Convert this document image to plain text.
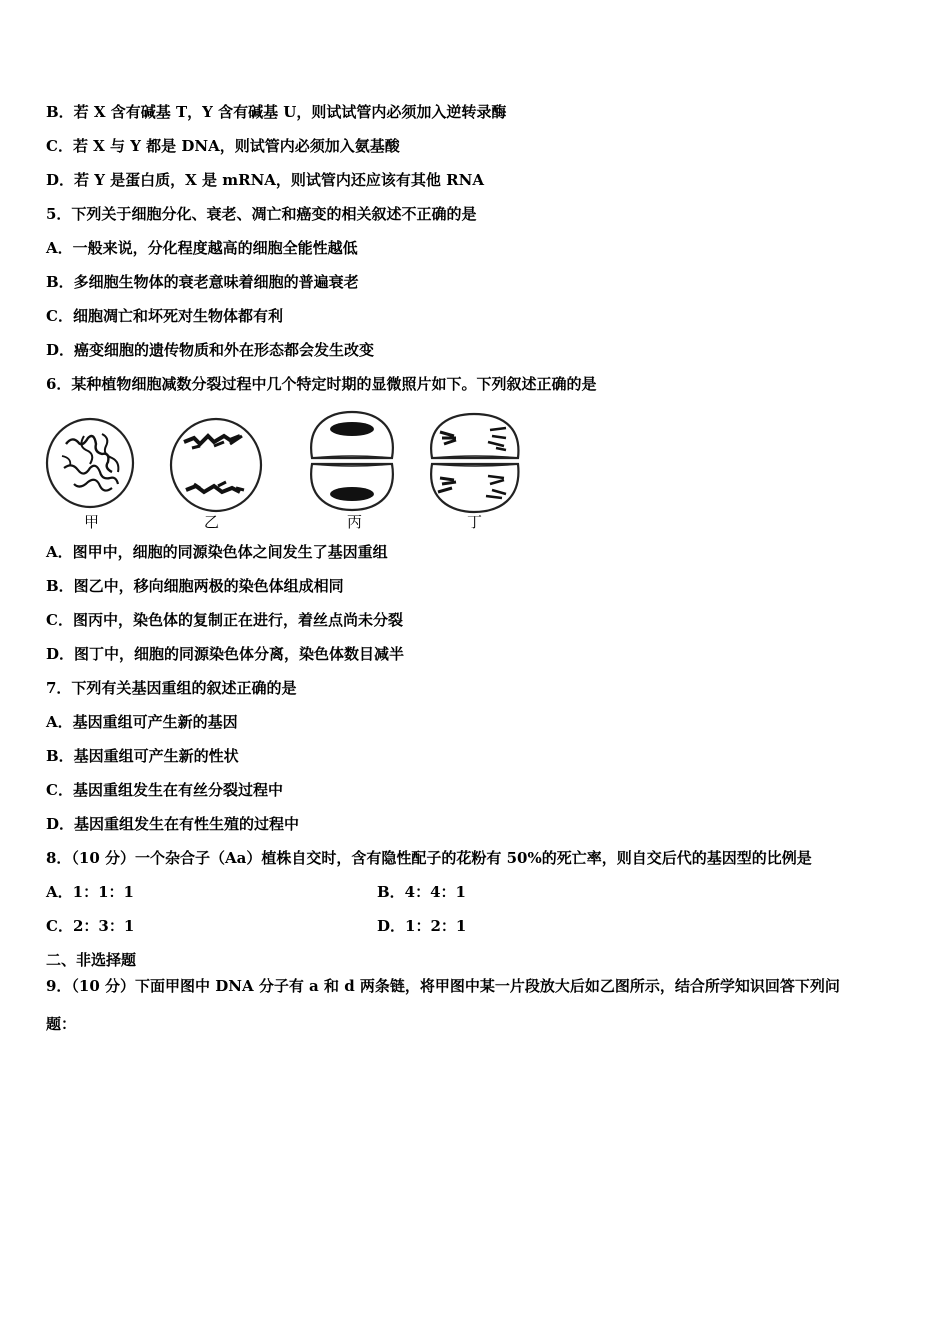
B．若 X 含有碱基 T，Y 含有碱基 U，则试试管内必须加入逆转录酶
C．若 X 与 Y 都是 DNA，则试管内必须加入氨基酸
D．若 Y 是蛋白质，X 是 mRNA，则试管内还应该有其他 RNA
5．下列关于细胞分化、衰老、凋亡和癌变的相关叙述不正确的是
A．一般来说，分化程度越高的细胞全能性越低
B．多细胞生物体的衰老意味着细胞的普遍衰老
C．细胞凋亡和坏死对生物体都有利
D．癌变细胞的遗传物质和外在形态都会发生改变
6．某种植物细胞减数分裂过程中几个特定时期的显微照片如下。下列叙述正确的是
甲	乙	丙	丁
A．图甲中，细胞的同源染色体之间发生了基因重组
B．图乙中，移向细胞两极的染色体组成相同
C．图丙中，染色体的复制正在进行，着丝点尚未分裂
D．图丁中，细胞的同源染色体分离，染色体数目减半
7．下列有关基因重组的叙述正确的是
A．基因重组可产生新的基因
B．基因重组可产生新的性状
C．基因重组发生在有丝分裂过程中
D．基因重组发生在有性生殖的过程中
8．（10 分）一个杂合子（Aa）植株自交时，含有隐性配子的花粉有 50%的死亡率，则自交后代的基因型的比例是
A．1：1：1	B．4：4：1
C．2：3：1	D．1：2：1
二、非选择题
9．（10 分）下面甲图中 DNA 分子有 a 和 d 两条链，将甲图中某一片段放大后如乙图所示，结合所学知识回答下列问
题：
